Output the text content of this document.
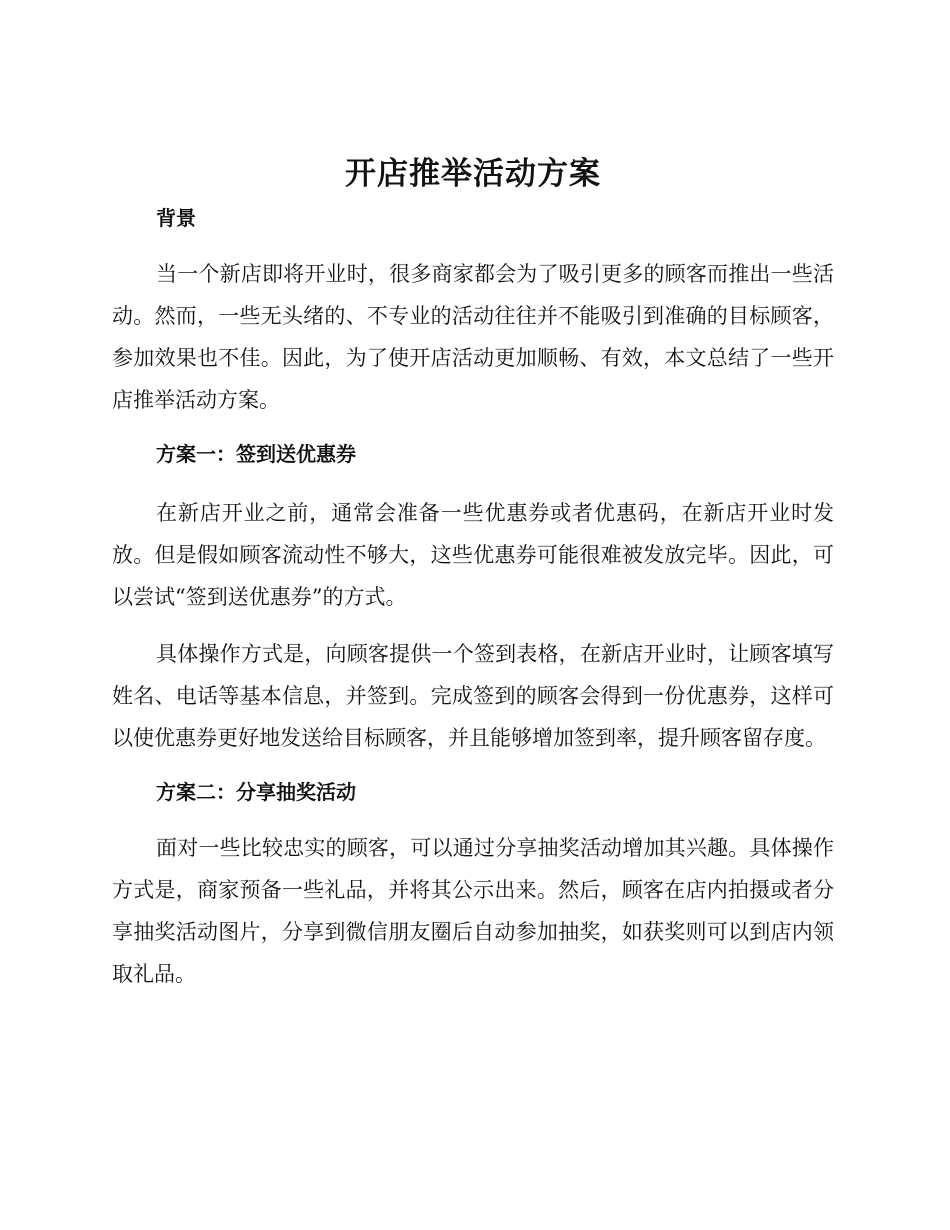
开店推举活动方案
背景

当一个新店即将开业时，很多商家都会为了吸引更多的顾客而推出一些活动。然而，一些无头绪的、不专业的活动往往并不能吸引到准确的目标顾客，参加效果也不佳。因此，为了使开店活动更加顺畅、有效，本文总结了一些开店推举活动方案。

方案一：签到送优惠券

在新店开业之前，通常会准备一些优惠券或者优惠码，在新店开业时发放。但是假如顾客流动性不够大，这些优惠券可能很难被发放完毕。因此，可以尝试“签到送优惠券”的方式。

具体操作方式是，向顾客提供一个签到表格，在新店开业时，让顾客填写姓名、电话等基本信息，并签到。完成签到的顾客会得到一份优惠券，这样可以使优惠券更好地发送给目标顾客，并且能够增加签到率，提升顾客留存度。

方案二：分享抽奖活动

面对一些比较忠实的顾客，可以通过分享抽奖活动增加其兴趣。具体操作方式是，商家预备一些礼品，并将其公示出来。然后，顾客在店内拍摄或者分享抽奖活动图片，分享到微信朋友圈后自动参加抽奖，如获奖则可以到店内领取礼品。
